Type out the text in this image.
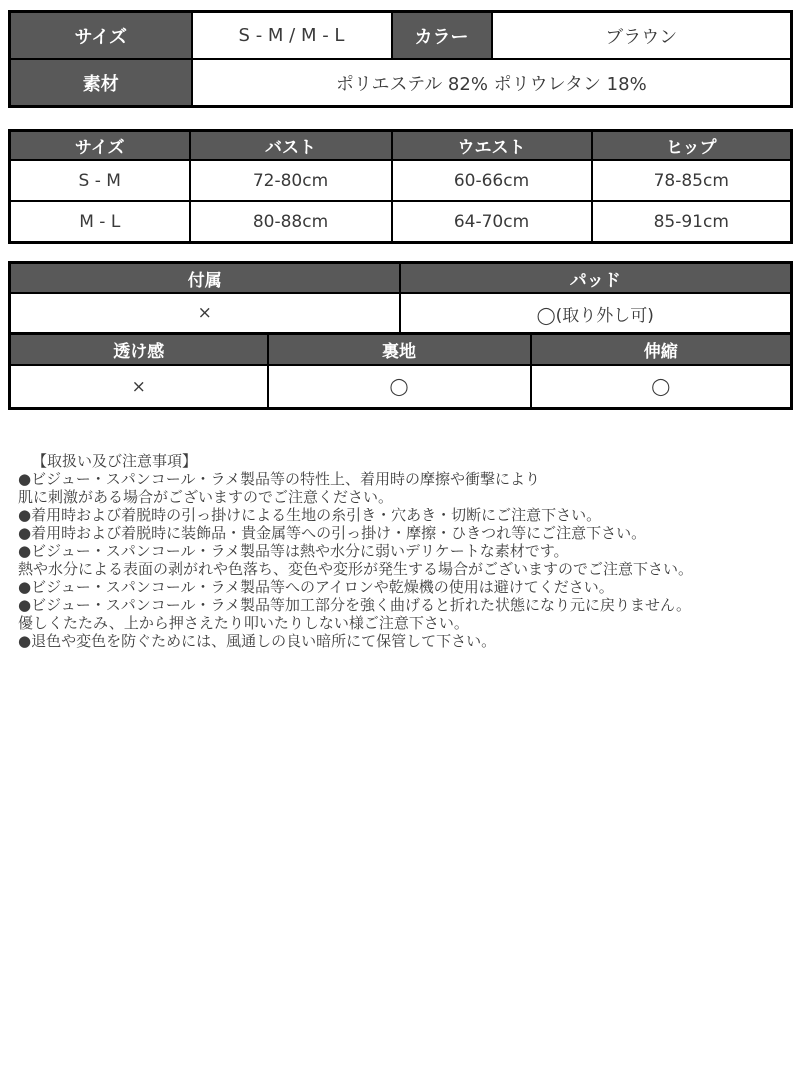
サイズ	S - M / M - L	カラー	ブラウン
素材	ポリエステル 82% ポリウレタン 18%		
サイズ	バスト	ウエスト	ヒップ
S - M	72-80cm	60-66cm	78-85cm
M - L	80-88cm	64-70cm	85-91cm
付属	パッド
×	◯(取り外し可)
透け感	裏地	伸縮
×	◯	◯
【取扱い及び注意事項】
●ビジュー・スパンコール・ラメ製品等の特性上、着用時の摩擦や衝撃により
肌に刺激がある場合がございますのでご注意ください。
●着用時および着脱時の引っ掛けによる生地の糸引き・穴あき・切断にご注意下さい。
●着用時および着脱時に装飾品・貴金属等への引っ掛け・摩擦・ひきつれ等にご注意下さい。
●ビジュー・スパンコール・ラメ製品等は熱や水分に弱いデリケートな素材です。
熱や水分による表面の剥がれや色落ち、変色や変形が発生する場合がございますのでご注意下さい。
●ビジュー・スパンコール・ラメ製品等へのアイロンや乾燥機の使用は避けてください。
●ビジュー・スパンコール・ラメ製品等加工部分を強く曲げると折れた状態になり元に戻りません。
優しくたたみ、上から押さえたり叩いたりしない様ご注意下さい。
●退色や変色を防ぐためには、風通しの良い暗所にて保管して下さい。
